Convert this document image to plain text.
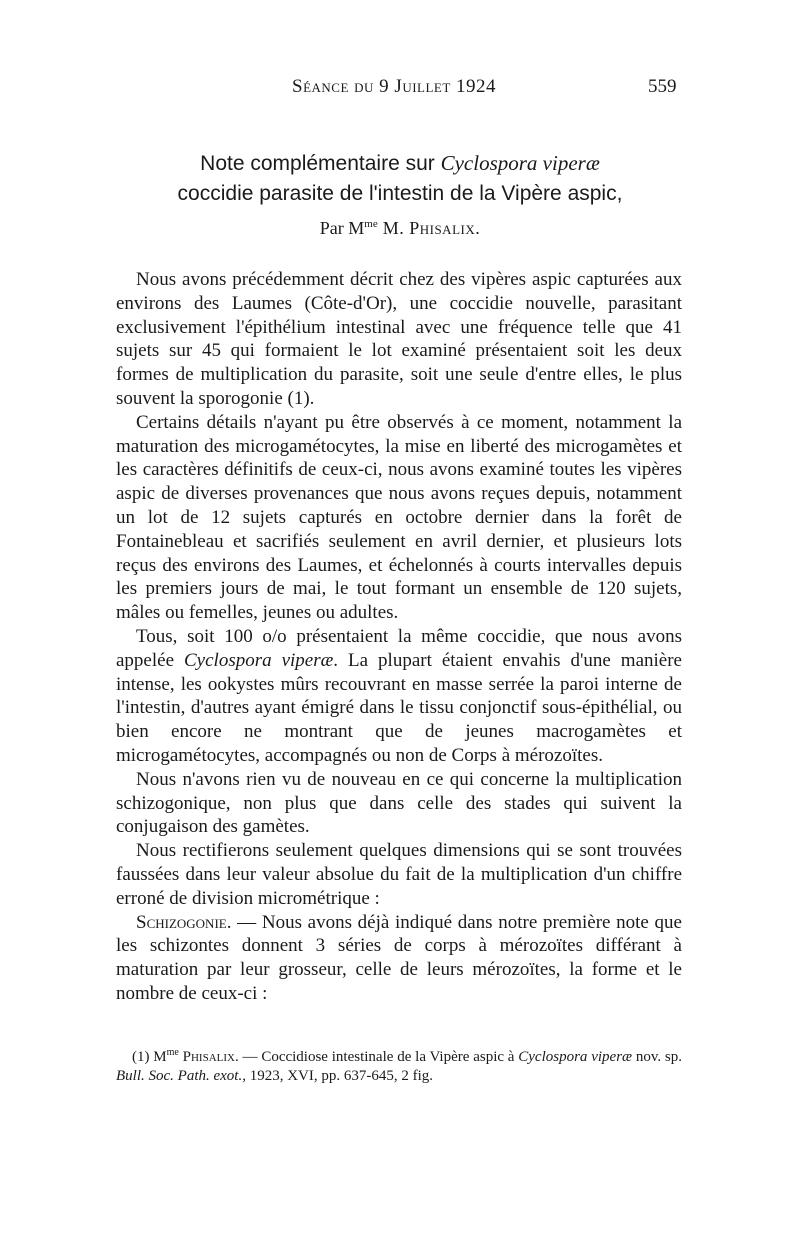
Séance du 9 Juillet 1924	559
Note complémentaire sur Cyclospora viperæ
coccidie parasite de l'intestin de la Vipère aspic,
Par $M^{me}$ M. Phisalix.

Nous avons précédemment décrit chez des vipères aspic capturées aux environs des Laumes (Côte-d'Or), une coccidie nouvelle, parasitant exclusivement l'épithélium intestinal avec une fréquence telle que 41 sujets sur 45 qui formaient le lot examiné présentaient soit les deux formes de multiplication du parasite, soit une seule d'entre elles, le plus souvent la sporogonie (1).

Certains détails n'ayant pu être observés à ce moment, notamment la maturation des microgamétocytes, la mise en liberté des microgamètes et les caractères définitifs de ceux-ci, nous avons examiné toutes les vipères aspic de diverses provenances que nous avons reçues depuis, notamment un lot de 12 sujets capturés en octobre dernier dans la forêt de Fontainebleau et sacrifiés seulement en avril dernier, et plusieurs lots reçus des environs des Laumes, et échelonnés à courts intervalles depuis les premiers jours de mai, le tout formant un ensemble de 120 sujets, mâles ou femelles, jeunes ou adultes.

Tous, soit 100 o/o présentaient la même coccidie, que nous avons appelée Cyclospora viperæ. La plupart étaient envahis d'une manière intense, les ookystes mûrs recouvrant en masse serrée la paroi interne de l'intestin, d'autres ayant émigré dans le tissu conjonctif sous-épithélial, ou bien encore ne montrant que de jeunes macrogamètes et microgamétocytes, accompagnés ou non de Corps à mérozoïtes.

Nous n'avons rien vu de nouveau en ce qui concerne la multiplication schizogonique, non plus que dans celle des stades qui suivent la conjugaison des gamètes.

Nous rectifierons seulement quelques dimensions qui se sont trouvées faussées dans leur valeur absolue du fait de la multiplication d'un chiffre erroné de division micrométrique :

Schizogonie. — Nous avons déjà indiqué dans notre première note que les schizontes donnent 3 séries de corps à mérozoïtes différant à maturation par leur grosseur, celle de leurs mérozoïtes, la forme et le nombre de ceux-ci :

(1) $M^{me}$ Phisalix. — Coccidiose intestinale de la Vipère aspic à Cyclospora viperæ nov. sp. Bull. Soc. Path. exot., 1923, XVI, pp. 637-645, 2 fig.
